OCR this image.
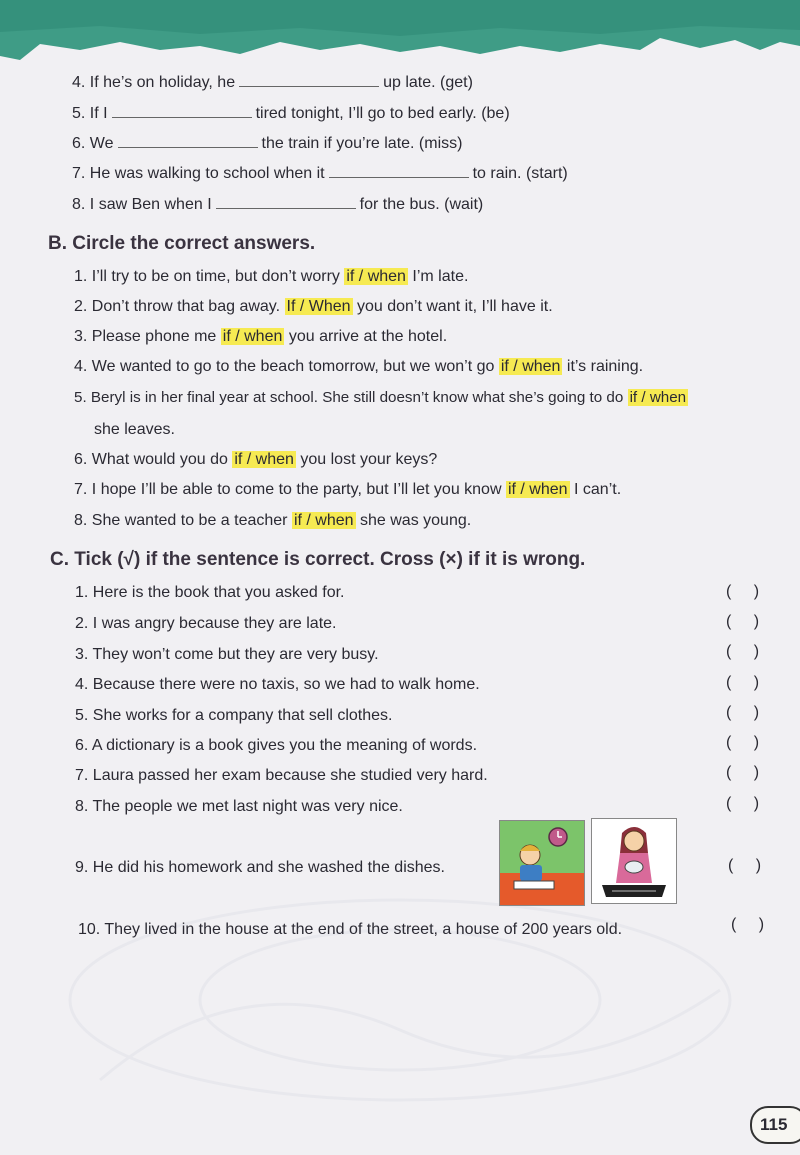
4. If he’s on holiday, he	up late. (get)
5. If I	tired tonight, I’ll go to bed early. (be)
6. We	the train if you’re late. (miss)
7. He was walking to school when it	to rain. (start)
8. I saw Ben when I	for the bus. (wait)
B. Circle the correct answers.
1. I’ll try to be on time, but don’t worry if / when I’m late.
2. Don’t throw that bag away. If / When you don’t want it, I’ll have it.
3. Please phone me if / when you arrive at the hotel.
4. We wanted to go to the beach tomorrow, but we won’t go if / when it’s raining.
5. Beryl is in her final year at school. She still doesn’t know what she’s going to do if / when
she leaves.
6. What would you do if / when you lost your keys?
7. I hope I’ll be able to come to the party, but I’ll let you know if / when I can’t.
8. She wanted to be a teacher if / when she was young.
C. Tick (√) if the sentence is correct. Cross (×) if it is wrong.
1. Here is the book that you asked for.	( )
2. I was angry because they are late.	( )
3. They won’t come but they are very busy.	( )
4. Because there were no taxis, so we had to walk home.	( )
5. She works for a company that sell clothes.	( )
6. A dictionary is a book gives you the meaning of words.	( )
7. Laura passed her exam because she studied very hard.	( )
8. The people we met last night was very nice.	( )
9. He did his homework and she washed the dishes.	( )
10. They lived in the house at the end of the street, a house of 200 years old.	( )
115
